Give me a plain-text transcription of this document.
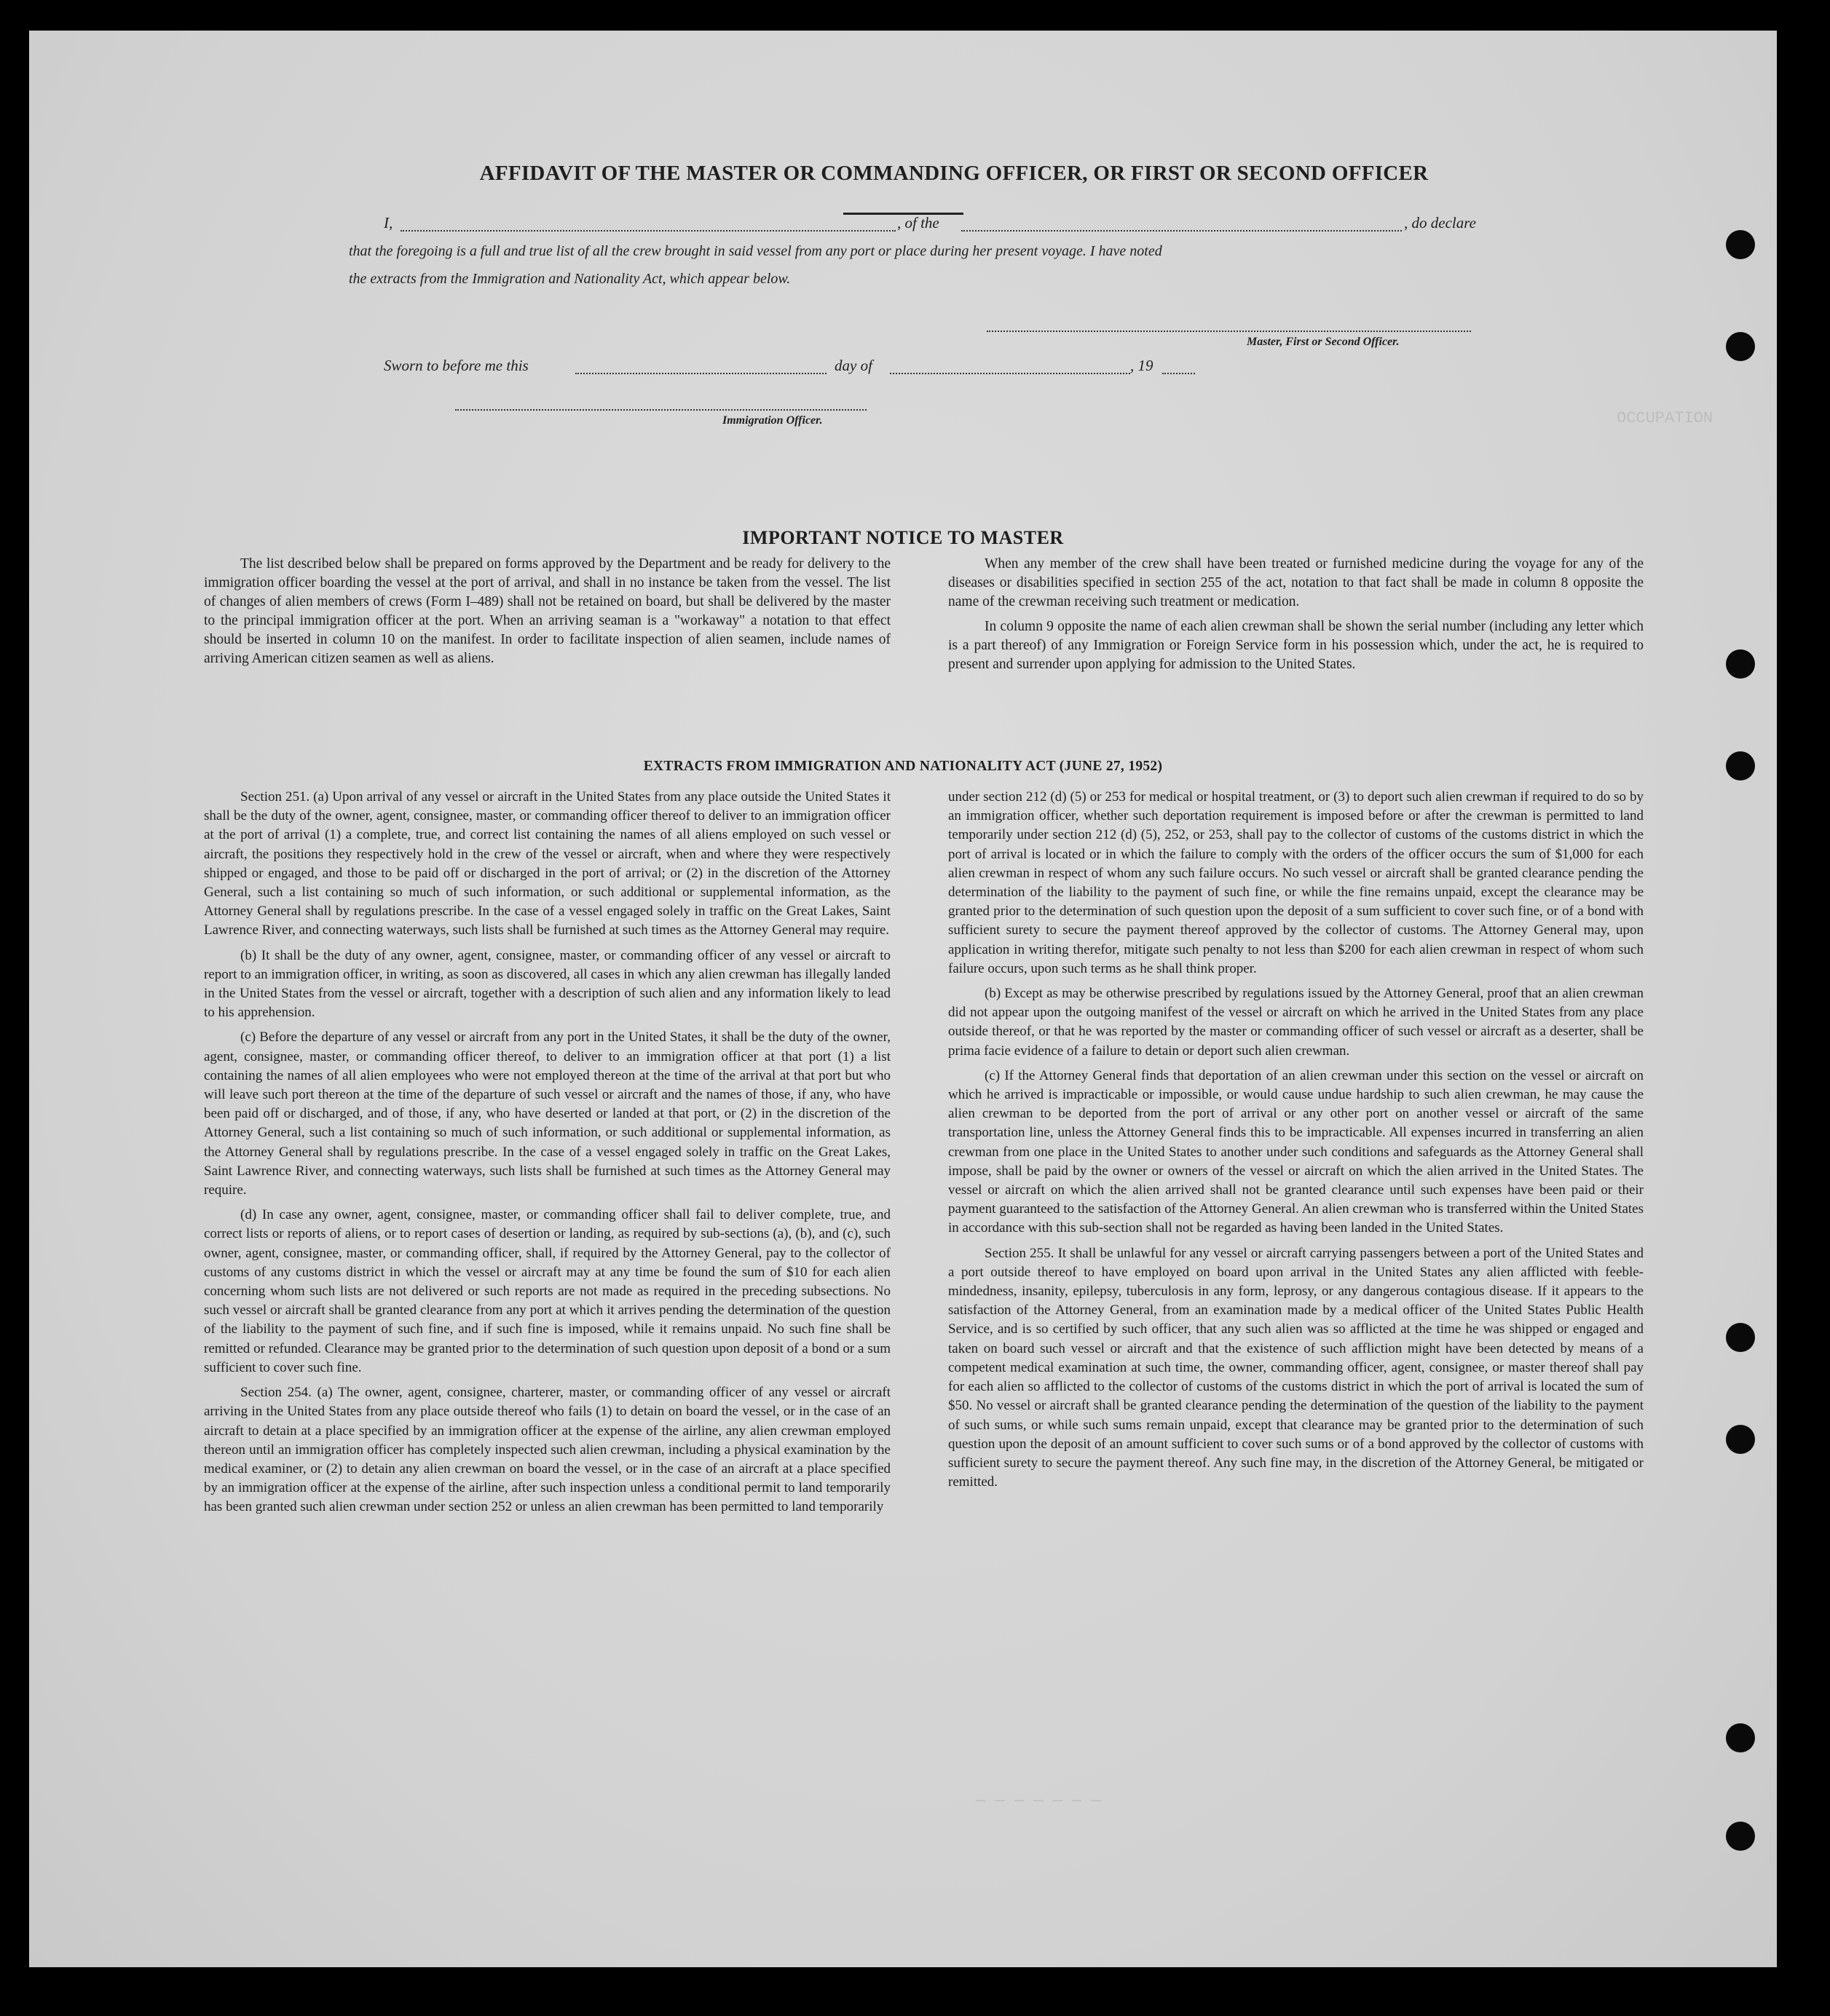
OCCUPATION
─ ─ ─ ─ ─ ─ ─
AFFIDAVIT OF THE MASTER OR COMMANDING OFFICER, OR FIRST OR SECOND OFFICER
I,	, of the	, do declare
that the foregoing is a full and true list of all the crew brought in said vessel from any port or place during her present voyage. I have noted
the extracts from the Immigration and Nationality Act, which appear below.
Master, First or Second Officer.
Sworn to before me this	day of	, 19
Immigration Officer.
IMPORTANT NOTICE TO MASTER

The list described below shall be prepared on forms approved by the Department and be ready for delivery to the immigration officer boarding the vessel at the port of arrival, and shall in no instance be taken from the vessel. The list of changes of alien members of crews (Form I–489) shall not be retained on board, but shall be delivered by the master to the principal immigration officer at the port. When an arriving seaman is a "workaway" a notation to that effect should be inserted in column 10 on the manifest. In order to facilitate inspection of alien seamen, include names of arriving American citizen seamen as well as aliens.

When any member of the crew shall have been treated or furnished medicine during the voyage for any of the diseases or disabilities specified in section 255 of the act, notation to that fact shall be made in column 8 opposite the name of the crewman receiving such treatment or medication.

In column 9 opposite the name of each alien crewman shall be shown the serial number (including any letter which is a part thereof) of any Immigration or Foreign Service form in his possession which, under the act, he is required to present and surrender upon applying for admission to the United States.

EXTRACTS FROM IMMIGRATION AND NATIONALITY ACT (JUNE 27, 1952)

Section 251. (a) Upon arrival of any vessel or aircraft in the United States from any place outside the United States it shall be the duty of the owner, agent, consignee, master, or commanding officer thereof to deliver to an immigration officer at the port of arrival (1) a complete, true, and correct list containing the names of all aliens employed on such vessel or aircraft, the positions they respectively hold in the crew of the vessel or aircraft, when and where they were respectively shipped or engaged, and those to be paid off or discharged in the port of arrival; or (2) in the discretion of the Attorney General, such a list containing so much of such information, or such additional or supplemental information, as the Attorney General shall by regulations prescribe. In the case of a vessel engaged solely in traffic on the Great Lakes, Saint Lawrence River, and connecting waterways, such lists shall be furnished at such times as the Attorney General may require.

(b) It shall be the duty of any owner, agent, consignee, master, or commanding officer of any vessel or aircraft to report to an immigration officer, in writing, as soon as discovered, all cases in which any alien crewman has illegally landed in the United States from the vessel or aircraft, together with a description of such alien and any information likely to lead to his apprehension.

(c) Before the departure of any vessel or aircraft from any port in the United States, it shall be the duty of the owner, agent, consignee, master, or commanding officer thereof, to deliver to an immigration officer at that port (1) a list containing the names of all alien employees who were not employed thereon at the time of the arrival at that port but who will leave such port thereon at the time of the departure of such vessel or aircraft and the names of those, if any, who have been paid off or discharged, and of those, if any, who have deserted or landed at that port, or (2) in the discretion of the Attorney General, such a list containing so much of such information, or such additional or supplemental information, as the Attorney General shall by regulations prescribe. In the case of a vessel engaged solely in traffic on the Great Lakes, Saint Lawrence River, and connecting waterways, such lists shall be furnished at such times as the Attorney General may require.

(d) In case any owner, agent, consignee, master, or commanding officer shall fail to deliver complete, true, and correct lists or reports of aliens, or to report cases of desertion or landing, as required by sub-sections (a), (b), and (c), such owner, agent, consignee, master, or commanding officer, shall, if required by the Attorney General, pay to the collector of customs of any customs district in which the vessel or aircraft may at any time be found the sum of $10 for each alien concerning whom such lists are not delivered or such reports are not made as required in the preceding subsections. No such vessel or aircraft shall be granted clearance from any port at which it arrives pending the determination of the question of the liability to the payment of such fine, and if such fine is imposed, while it remains unpaid. No such fine shall be remitted or refunded. Clearance may be granted prior to the determination of such question upon deposit of a bond or a sum sufficient to cover such fine.

Section 254. (a) The owner, agent, consignee, charterer, master, or commanding officer of any vessel or aircraft arriving in the United States from any place outside thereof who fails (1) to detain on board the vessel, or in the case of an aircraft to detain at a place specified by an immigration officer at the expense of the airline, any alien crewman employed thereon until an immigration officer has completely inspected such alien crewman, including a physical examination by the medical examiner, or (2) to detain any alien crewman on board the vessel, or in the case of an aircraft at a place specified by an immigration officer at the expense of the airline, after such inspection unless a conditional permit to land temporarily has been granted such alien crewman under section 252 or unless an alien crewman has been permitted to land temporarily

under section 212 (d) (5) or 253 for medical or hospital treatment, or (3) to deport such alien crewman if required to do so by an immigration officer, whether such deportation requirement is imposed before or after the crewman is permitted to land temporarily under section 212 (d) (5), 252, or 253, shall pay to the collector of customs of the customs district in which the port of arrival is located or in which the failure to comply with the orders of the officer occurs the sum of $1,000 for each alien crewman in respect of whom any such failure occurs. No such vessel or aircraft shall be granted clearance pending the determination of the liability to the payment of such fine, or while the fine remains unpaid, except the clearance may be granted prior to the determination of such question upon the deposit of a sum sufficient to cover such fine, or of a bond with sufficient surety to secure the payment thereof approved by the collector of customs. The Attorney General may, upon application in writing therefor, mitigate such penalty to not less than $200 for each alien crewman in respect of whom such failure occurs, upon such terms as he shall think proper.

(b) Except as may be otherwise prescribed by regulations issued by the Attorney General, proof that an alien crewman did not appear upon the outgoing manifest of the vessel or aircraft on which he arrived in the United States from any place outside thereof, or that he was reported by the master or commanding officer of such vessel or aircraft as a deserter, shall be prima facie evidence of a failure to detain or deport such alien crewman.

(c) If the Attorney General finds that deportation of an alien crewman under this section on the vessel or aircraft on which he arrived is impracticable or impossible, or would cause undue hardship to such alien crewman, he may cause the alien crewman to be deported from the port of arrival or any other port on another vessel or aircraft of the same transportation line, unless the Attorney General finds this to be impracticable. All expenses incurred in transferring an alien crewman from one place in the United States to another under such conditions and safeguards as the Attorney General shall impose, shall be paid by the owner or owners of the vessel or aircraft on which the alien arrived in the United States. The vessel or aircraft on which the alien arrived shall not be granted clearance until such expenses have been paid or their payment guaranteed to the satisfaction of the Attorney General. An alien crewman who is transferred within the United States in accordance with this sub-section shall not be regarded as having been landed in the United States.

Section 255. It shall be unlawful for any vessel or aircraft carrying passengers between a port of the United States and a port outside thereof to have employed on board upon arrival in the United States any alien afflicted with feeble-mindedness, insanity, epilepsy, tuberculosis in any form, leprosy, or any dangerous contagious disease. If it appears to the satisfaction of the Attorney General, from an examination made by a medical officer of the United States Public Health Service, and is so certified by such officer, that any such alien was so afflicted at the time he was shipped or engaged and taken on board such vessel or aircraft and that the existence of such affliction might have been detected by means of a competent medical examination at such time, the owner, commanding officer, agent, consignee, or master thereof shall pay for each alien so afflicted to the collector of customs of the customs district in which the port of arrival is located the sum of $50. No vessel or aircraft shall be granted clearance pending the determination of the question of the liability to the payment of such sums, or while such sums remain unpaid, except that clearance may be granted prior to the determination of such question upon the deposit of an amount sufficient to cover such sums or of a bond approved by the collector of customs with sufficient surety to secure the payment thereof. Any such fine may, in the discretion of the Attorney General, be mitigated or remitted.
